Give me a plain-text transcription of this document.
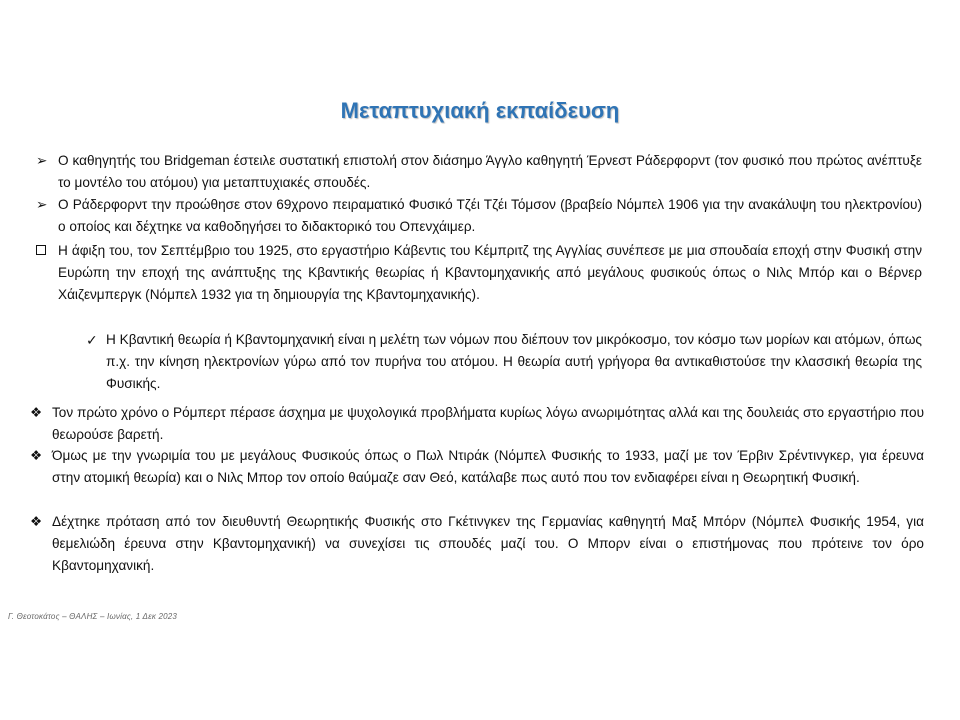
Μεταπτυχιακή εκπαίδευση
➢ Ο καθηγητής του Bridgeman έστειλε συστατική επιστολή στον διάσημο Άγγλο καθηγητή Έρνεστ Ράδερφορντ (τον φυσικό που πρώτος ανέπτυξε το μοντέλο του ατόμου) για μεταπτυχιακές σπουδές.
➢ Ο Ράδερφορντ την προώθησε στον 69χρονο πειραματικό Φυσικό Τζέι Τζέι Τόμσον (βραβείο Νόμπελ 1906 για την ανακάλυψη του ηλεκτρονίου) ο οποίος και δέχτηκε να καθοδηγήσει το διδακτορικό του Οπενχάιμερ.
Η άφιξη του, τον Σεπτέμβριο του 1925, στο εργαστήριο Κάβεντις του Κέμπριτζ της Αγγλίας συνέπεσε με μια σπουδαία εποχή στην Φυσική στην Ευρώπη την εποχή της ανάπτυξης της Κβαντικής θεωρίας ή Κβαντομηχανικής από μεγάλους φυσικούς όπως ο Νιλς Μπόρ και ο Βέρνερ Χάιζενμπεργκ (Νόμπελ 1932 για τη δημιουργία της Κβαντομηχανικής).
✓ Η Κβαντική θεωρία ή Κβαντομηχανική είναι η μελέτη των νόμων που διέπουν τον μικρόκοσμο, τον κόσμο των μορίων και ατόμων, όπως π.χ. την κίνηση ηλεκτρονίων γύρω από τον πυρήνα του ατόμου. Η θεωρία αυτή γρήγορα θα αντικαθιστούσε την κλασσική θεωρία της Φυσικής.
❖ Τον πρώτο χρόνο ο Ρόμπερτ πέρασε άσχημα με ψυχολογικά προβλήματα κυρίως λόγω ανωριμότητας αλλά και της δουλειάς στο εργαστήριο που θεωρούσε βαρετή.
❖ Όμως με την γνωριμία του με μεγάλους Φυσικούς όπως ο Πωλ Ντιράκ (Νόμπελ Φυσικής το 1933, μαζί με τον Έρβιν Σρέντινγκερ, για έρευνα στην ατομική θεωρία) και ο Νιλς Μπορ τον οποίο θαύμαζε σαν Θεό, κατάλαβε πως αυτό που τον ενδιαφέρει είναι η Θεωρητική Φυσική.
❖ Δέχτηκε πρόταση από τον διευθυντή Θεωρητικής Φυσικής στο Γκέτινγκεν της Γερμανίας καθηγητή Μαξ Μπόρν (Νόμπελ Φυσικής 1954, για θεμελιώδη έρευνα στην Κβαντομηχανική) να συνεχίσει τις σπουδές μαζί του. Ο Μπορν είναι ο επιστήμονας που πρότεινε τον όρο Κβαντομηχανική.
Γ. Θεοτοκάτος – ΘΑΛΗΣ – Ιωνίας, 1 Δεκ 2023
